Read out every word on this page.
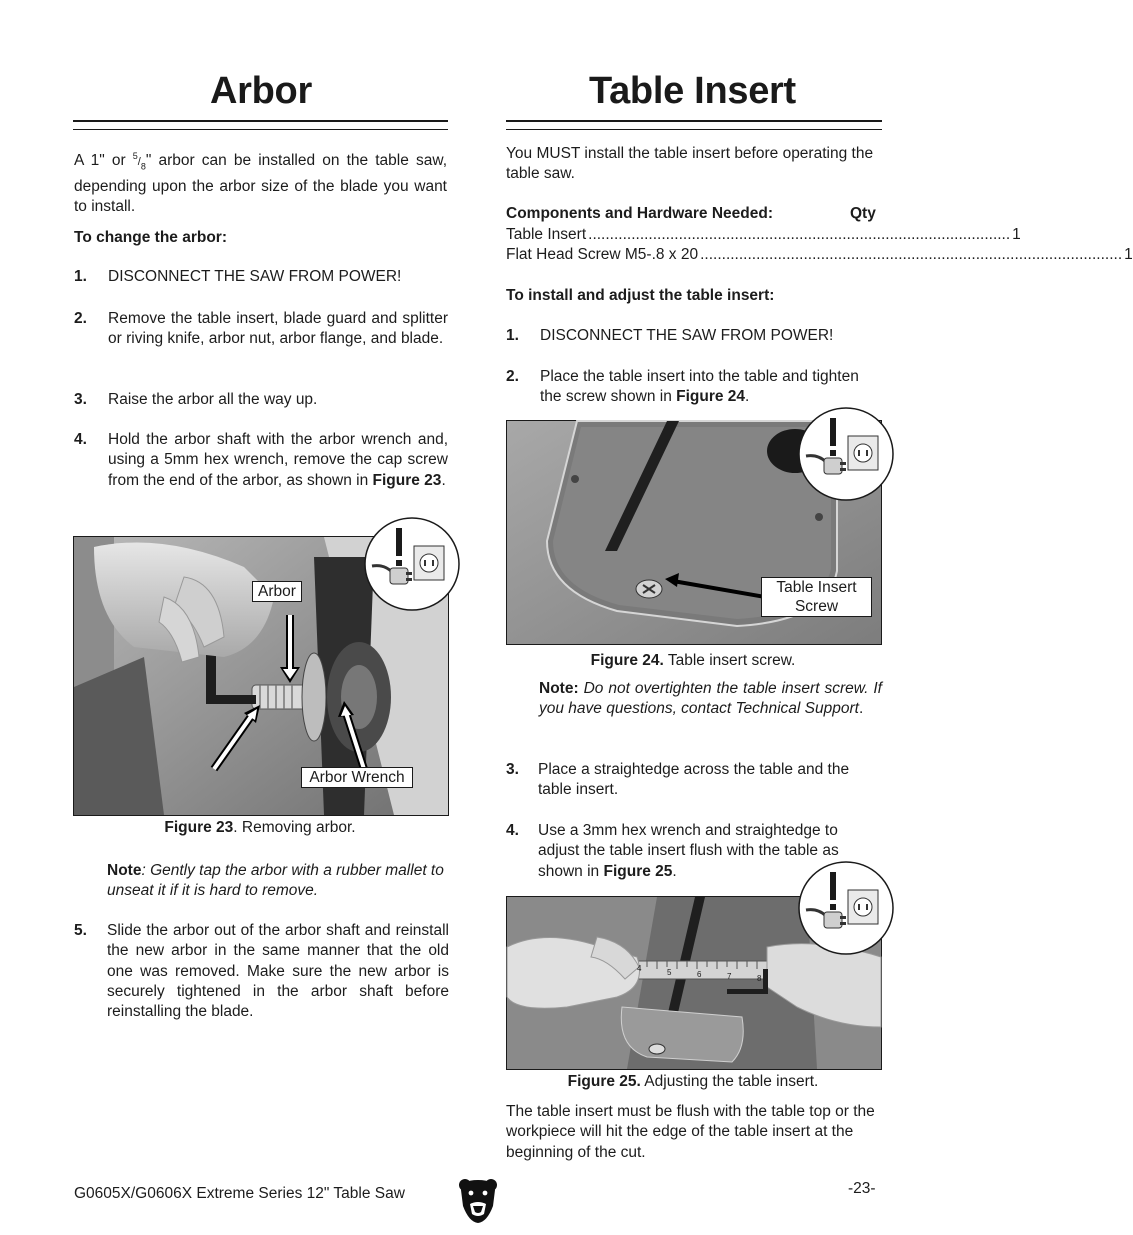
Arbor
A 1" or $^5/_8$" arbor can be installed on the table saw, depending upon the arbor size of the blade you want to install.
To change the arbor:
1. DISCONNECT THE SAW FROM POWER!
2. Remove the table insert, blade guard and splitter or riving knife, arbor nut, arbor flange, and blade.
3. Raise the arbor all the way up.
4. Hold the arbor shaft with the arbor wrench and, using a 5mm hex wrench, remove the cap screw from the end of the arbor, as shown in Figure 23.
Arbor
Arbor Wrench
Figure 23. Removing arbor.
Note: Gently tap the arbor with a rubber mallet to unseat it if it is hard to remove.
5. Slide the arbor out of the arbor shaft and reinstall the new arbor in the same manner that the old one was removed. Make sure the new arbor is securely tightened in the arbor shaft before reinstalling the blade.
Table Insert
You MUST install the table insert before operating the table saw.
Components and Hardware Needed:	Qty
Table Insert .................................................................................................. 1
Flat Head Screw M5-.8 x 20 .................................................................................................. 1
To install and adjust the table insert:
1. DISCONNECT THE SAW FROM POWER!
2. Place the table insert into the table and tighten the screw shown in Figure 24.
Table Insert
Screw
Figure 24. Table insert screw.
Note: Do not overtighten the table insert screw. If you have questions, contact Technical Support.
3. Place a straightedge across the table and the table insert.
4. Use a 3mm hex wrench and straightedge to adjust the table insert flush with the table as shown in Figure 25.
4	5	6	7	8
Figure 25. Adjusting the table insert.
The table insert must be flush with the table top or the workpiece will hit the edge of the table insert at the beginning of the cut.
G0605X/G0606X Extreme Series 12" Table Saw	-23-
